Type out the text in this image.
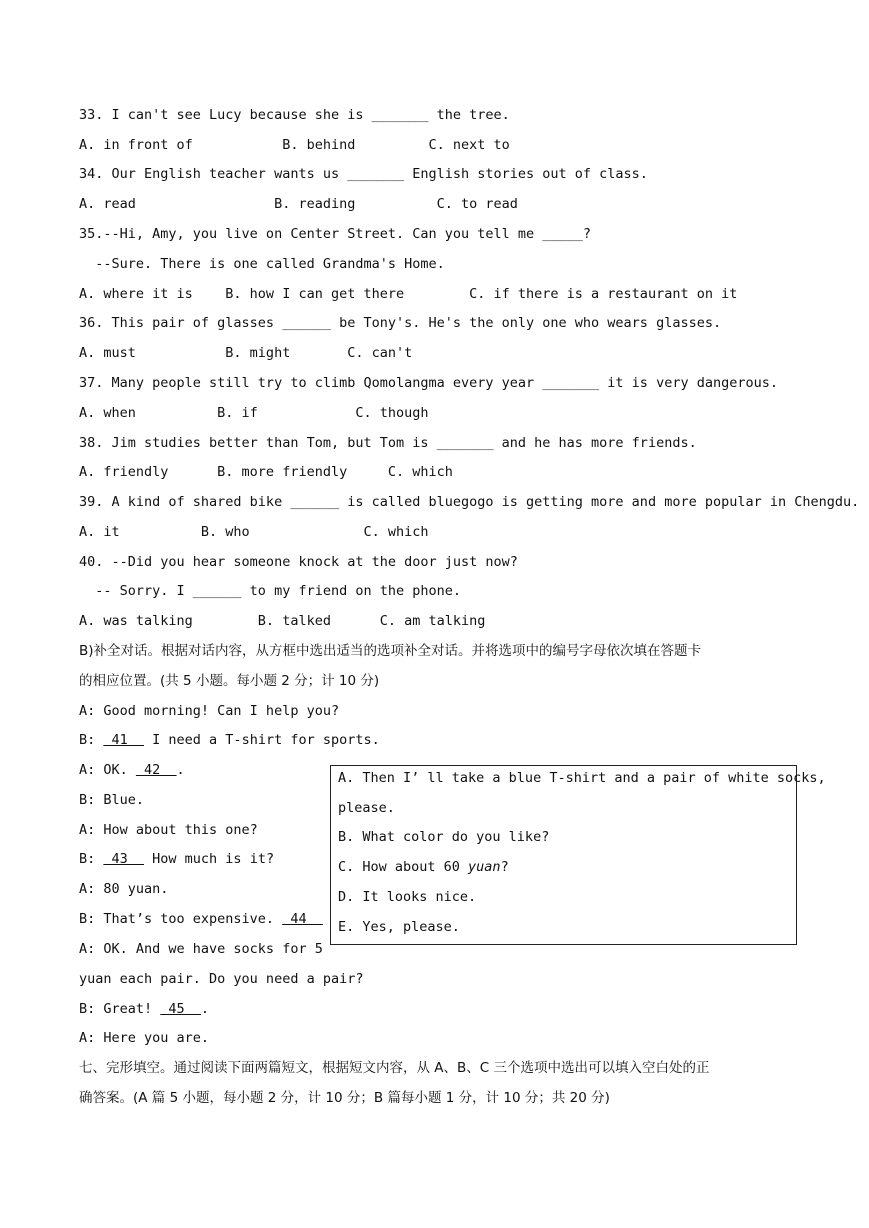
33. I can't see Lucy because she is _______ the tree.
A. in front of           B. behind         C. next to
34. Our English teacher wants us _______ English stories out of class.
A. read                 B. reading          C. to read
35.--Hi, Amy, you live on Center Street. Can you tell me _____?
--Sure. There is one called Grandma's Home.
A. where it is    B. how I can get there        C. if there is a restaurant on it
36. This pair of glasses ______ be Tony's. He's the only one who wears glasses.
A. must           B. might       C. can't
37. Many people still try to climb Qomolangma every year _______ it is very dangerous.
A. when          B. if            C. though
38. Jim studies better than Tom, but Tom is _______ and he has more friends.
A. friendly      B. more friendly     C. which
39. A kind of shared bike ______ is called bluegogo is getting more and more popular in Chengdu.
A. it          B. who              C. which
40. --Did you hear someone knock at the door just now?
-- Sorry. I ______ to my friend on the phone.
A. was talking        B. talked      C. am talking
B)补全对话。根据对话内容，从方框中选出适当的选项补全对话。并将选项中的编号字母依次填在答题卡
的相应位置。(共 5 小题。每小题 2 分；计 10 分)
A: Good morning! Can I help you?
B:  41   I need a T-shirt for sports.
A: OK.  42  .
B: Blue.
A: How about this one?
B:  43   How much is it?
A: 80 yuan.
B: That’s too expensive.  44
A: OK. And we have socks for 5
yuan each pair. Do you need a pair?
B: Great!  45  .
A: Here you are.
A. Then I’ ll take a blue T-shirt and a pair of white socks,
please.
B. What color do you like?
C. How about 60 yuan?
D. It looks nice.
E. Yes, please.
七、完形填空。通过阅读下面两篇短文，根据短文内容，从 A、B、C 三个选项中选出可以填入空白处的正
确答案。(A 篇 5 小题，每小题 2 分，计 10 分；B 篇每小题 1 分，计 10 分；共 20 分)
